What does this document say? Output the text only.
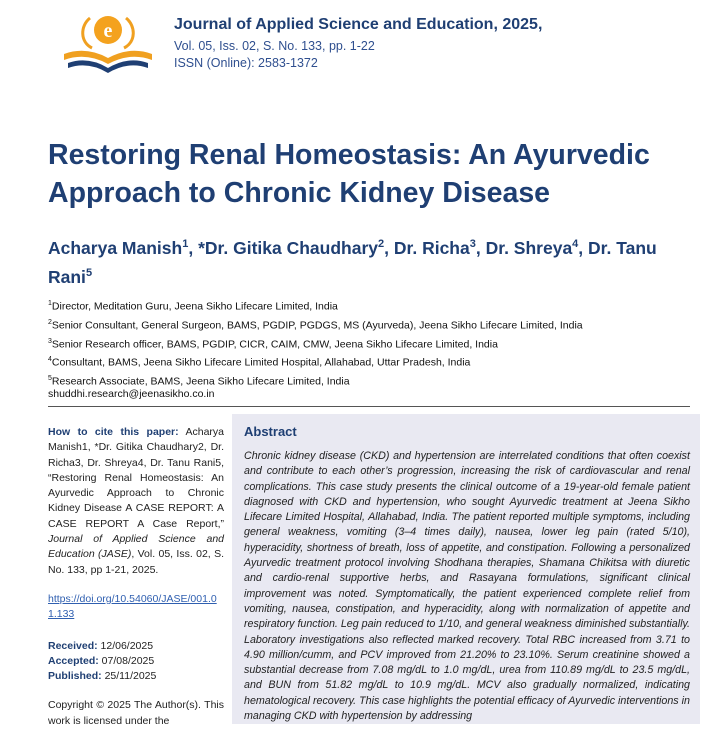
e	Journal of Applied Science and Education, 2025,
Vol. 05, Iss. 02, S. No. 133, pp. 1-22
ISSN (Online): 2583-1372
Restoring Renal Homeostasis: An Ayurvedic Approach to Chronic Kidney Disease
Acharya Manish$^1$, *Dr. Gitika Chaudhary$^2$, Dr. Richa$^3$, Dr. Shreya$^4$, Dr. Tanu Rani$^5$
$^1$Director, Meditation Guru, Jeena Sikho Lifecare Limited, India
$^2$Senior Consultant, General Surgeon, BAMS, PGDIP, PGDGS, MS (Ayurveda), Jeena Sikho Lifecare Limited, India
$^3$Senior Research officer, BAMS, PGDIP, CICR, CAIM, CMW, Jeena Sikho Lifecare Limited, India
$^4$Consultant, BAMS, Jeena Sikho Lifecare Limited Hospital, Allahabad, Uttar Pradesh, India
$^5$Research Associate, BAMS, Jeena Sikho Lifecare Limited, India
shuddhi.research@jeenasikho.co.in
How to cite this paper: Acharya Manish1, *Dr. Gitika Chaudhary2, Dr. Richa3, Dr. Shreya4, Dr. Tanu Rani5, “Restoring Renal Homeostasis: An Ayurvedic Approach to Chronic Kidney Disease A CASE REPORT: A CASE REPORT A Case Report,” Journal of Applied Science and Education (JASE), Vol. 05, Iss. 02, S. No. 133, pp 1-21, 2025.
https://doi.org/10.54060/JASE/001.01.133
Received: 12/06/2025
Accepted: 07/08/2025
Published: 25/11/2025
Copyright © 2025 The Author(s). This work is licensed under the
Abstract

Chronic kidney disease (CKD) and hypertension are interrelated conditions that often coexist and contribute to each other’s progression, increasing the risk of cardiovascular and renal complications. This case study presents the clinical outcome of a 19-year-old female patient diagnosed with CKD and hypertension, who sought Ayurvedic treatment at Jeena Sikho Lifecare Limited Hospital, Allahabad, India. The patient reported multiple symptoms, including general weakness, vomiting (3–4 times daily), nausea, lower leg pain (rated 5/10), hyperacidity, shortness of breath, loss of appetite, and constipation. Following a personalized Ayurvedic treatment protocol involving Shodhana therapies, Shamana Chikitsa with diuretic and cardio-renal supportive herbs, and Rasayana formulations, significant clinical improvement was noted. Symptomatically, the patient experienced complete relief from vomiting, nausea, constipation, and hyperacidity, along with normalization of appetite and respiratory function. Leg pain reduced to 1/10, and general weakness diminished substantially. Laboratory investigations also reflected marked recovery. Total RBC increased from 3.71 to 4.90 million/cumm, and PCV improved from 21.20% to 23.10%. Serum creatinine showed a substantial decrease from 7.08 mg/dL to 1.0 mg/dL, urea from 110.89 mg/dL to 23.5 mg/dL, and BUN from 51.82 mg/dL to 10.9 mg/dL. MCV also gradually normalized, indicating hematological recovery. This case highlights the potential efficacy of Ayurvedic interventions in managing CKD with hypertension by addressing
